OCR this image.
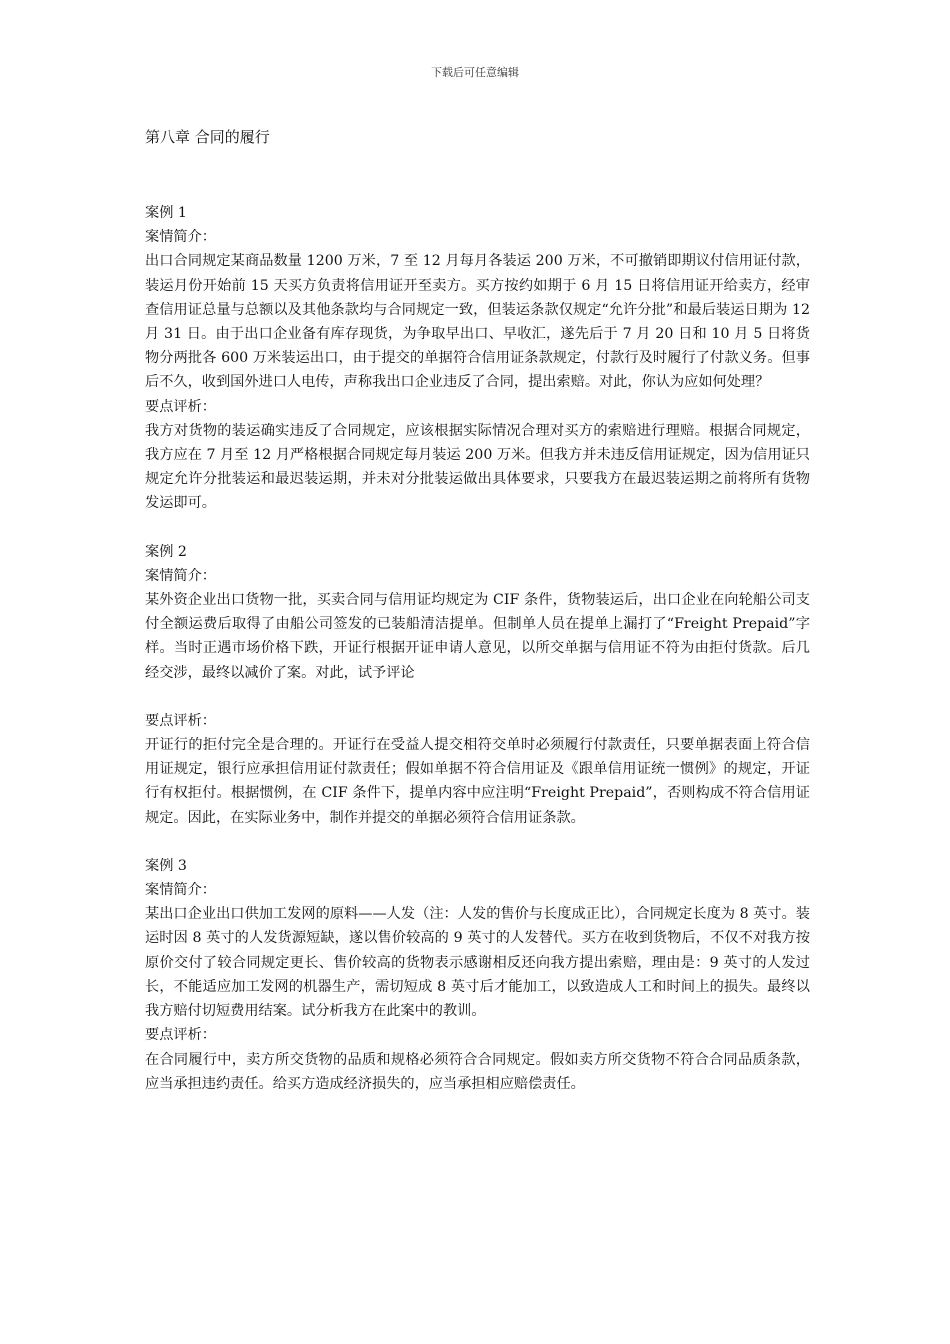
下载后可任意编辑
第八章 合同的履行

案例 1

案情简介：

出口合同规定某商品数量 1200 万米，7 至 12 月每月各装运 200 万米，不可撤销即期议付信用证付款，装运月份开始前 15 天买方负责将信用证开至卖方。买方按约如期于 6 月 15 日将信用证开给卖方，经审查信用证总量与总额以及其他条款均与合同规定一致，但装运条款仅规定“允许分批”和最后装运日期为 12 月 31 日。由于出口企业备有库存现货，为争取早出口、早收汇，遂先后于 7 月 20 日和 10 月 5 日将货物分两批各 600 万米装运出口，由于提交的单据符合信用证条款规定，付款行及时履行了付款义务。但事后不久，收到国外进口人电传，声称我出口企业违反了合同，提出索赔。对此，你认为应如何处理？

要点评析：

我方对货物的装运确实违反了合同规定，应该根据实际情况合理对买方的索赔进行理赔。根据合同规定，我方应在 7 月至 12 月严格根据合同规定每月装运 200 万米。但我方并未违反信用证规定，因为信用证只规定允许分批装运和最迟装运期，并未对分批装运做出具体要求，只要我方在最迟装运期之前将所有货物发运即可。

案例 2

案情简介：

某外资企业出口货物一批，买卖合同与信用证均规定为 CIF 条件，货物装运后，出口企业在向轮船公司支付全额运费后取得了由船公司签发的已装船清洁提单。但制单人员在提单上漏打了“Freight Prepaid”字样。当时正遇市场价格下跌，开证行根据开证申请人意见，以所交单据与信用证不符为由拒付货款。后几经交涉，最终以减价了案。对此，试予评论

要点评析：

开证行的拒付完全是合理的。开证行在受益人提交相符交单时必须履行付款责任，只要单据表面上符合信用证规定，银行应承担信用证付款责任；假如单据不符合信用证及《跟单信用证统一惯例》的规定，开证行有权拒付。根据惯例，在 CIF 条件下，提单内容中应注明“Freight Prepaid”，否则构成不符合信用证规定。因此，在实际业务中，制作并提交的单据必须符合信用证条款。

案例 3

案情简介：

某出口企业出口供加工发网的原料——人发（注：人发的售价与长度成正比），合同规定长度为 8 英寸。装运时因 8 英寸的人发货源短缺，遂以售价较高的 9 英寸的人发替代。买方在收到货物后，不仅不对我方按原价交付了较合同规定更长、售价较高的货物表示感谢相反还向我方提出索赔，理由是：9 英寸的人发过长，不能适应加工发网的机器生产，需切短成 8 英寸后才能加工，以致造成人工和时间上的损失。最终以我方赔付切短费用结案。试分析我方在此案中的教训。

要点评析：

在合同履行中，卖方所交货物的品质和规格必须符合合同规定。假如卖方所交货物不符合合同品质条款，应当承担违约责任。给买方造成经济损失的，应当承担相应赔偿责任。
